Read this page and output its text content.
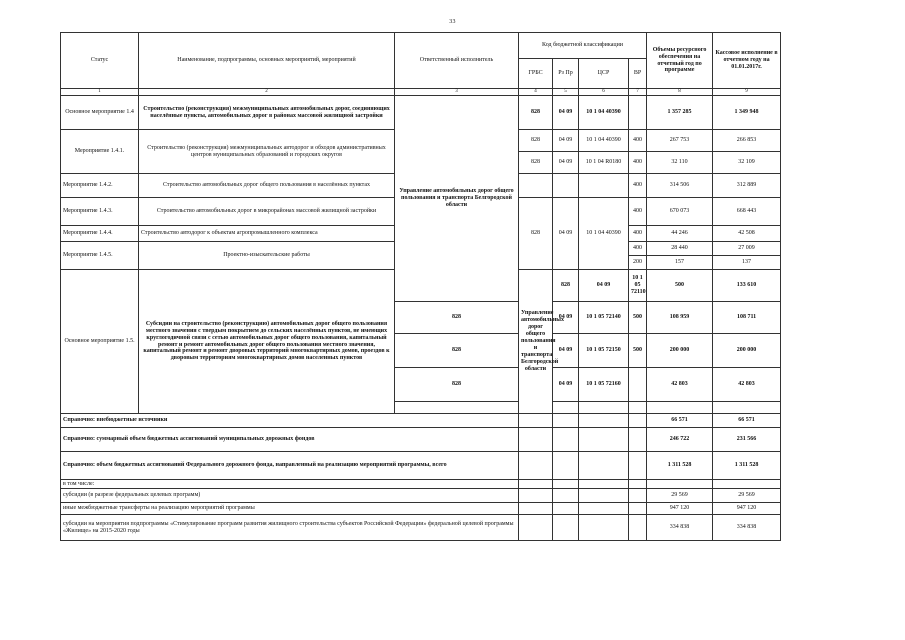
33
Статус	Наименование, подпрограммы, основных мероприятий, мероприятий	Ответственный исполнитель	Код бюджетной классификации				Объемы ресурсного обеспечения на отчетный год по программе	Кассовое исполнение в отчетном году на 01.01.2017г.	
			ГРБС	Рз Пр	ЦСР	ВР			
1	2	3	4	5	6	7	8	9	
Основное мероприятие 1.4	Строительство (реконструкция) межмуниципальных автомобильных дорог, соединяющих населённые пункты, автомобильных дорог в районах массовой жилищной застройки	Управление автомобильных дорог общего пользования и транспорта Белгородской области	828	04 09	10 1 04 40390		1 357 285	1 349 948	
Мероприятие 1.4.1.	Строительство (реконструкция) межмуниципальных автодорог и обходов административных центров муниципальных образований и городских округов		828	04 09	10 1 04 40390	400	267 753	266 853	
			828	04 09	10 1 04 R0180	400	32 110	32 109	
Мероприятие 1.4.2.	Строительство автомобильных дорог общего пользования в населённых пунктах					400	314 506	312 889	
Мероприятие 1.4.3.	Строительство автомобильных дорог в микрорайонах массовой жилищной застройки		828	04 09	10 1 04 40390	400	670 073	668 443	

Мероприятие 1.4.4.	Строительство автодорог к объектам агропромышленного комплекса					400	44 246	42 508	
Мероприятие 1.4.5.	Проектно-изыскательские работы					400	28 440	27 009	
						200	157	137	
Основное мероприятие 1.5.	Субсидии на строительство (реконструкцию) автомобильных дорог общего пользования местного значения с твердым покрытием до сельских населённых пунктов, не имеющих круглогодичной связи с сетью автомобильных дорог общего пользования, капитальный ремонт и ремонт автомобильных дорог общего пользования местного значения, капитальный ремонт и ремонт дворовых территорий многоквартирных домов, проездов к дворовым территориям многоквартирных домов населенных пунктов		Управление автомобильных дорог общего пользования и транспорта Белгородской области	828	04 09	10 1 05 72110	500	133 610	
		828		04 09	10 1 05 72140	500	108 959	108 711	
		828		04 09	10 1 05 72150	500	200 000	200 000	
		828		04 09	10 1 05 72160		42 803	42 803	

Справочно: внебюджетные источники							66 571	66 571	
Справочно: суммарный объем бюджетных ассигнований муниципальных дорожных фондов							246 722	231 566	
Справочно: объем бюджетных ассигнований Федерального дорожного фонда, направленный на реализацию мероприятий программы, всего							1 311 528	1 311 528	
в том числе:									
субсидии (в разрезе федеральных целевых программ)							29 569	29 569	
иные межбюджетные трансферты на реализацию мероприятий программы							947 120	947 120	
субсидии на мероприятия подпрограммы «Стимулирование программ развития жилищного строительства субъектов Российской Федерации» федеральной целевой программы «Жилище» на 2015-2020 годы							334 838	334 838	
